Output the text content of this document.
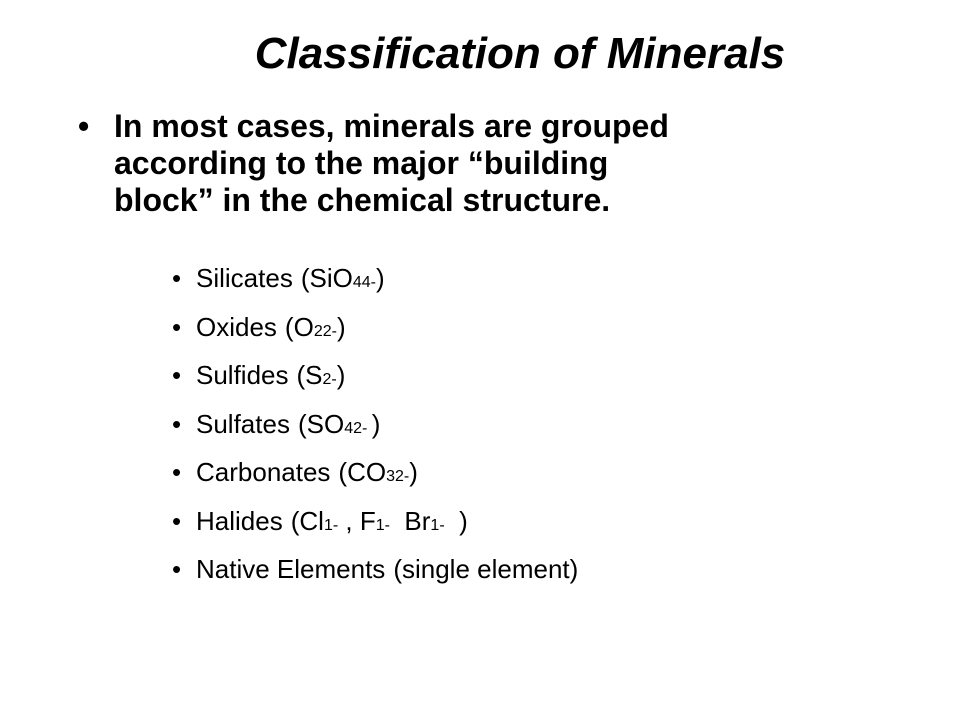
Classification of Minerals
• In most cases, minerals are grouped
according to the major “building
block” in the chemical structure.
• Silicates (SiO 4 4- )
• Oxides (O 2 2- )
• Sulfides (S 2- )
• Sulfates (SO 4 2- )
• Carbonates (CO 3 2- )
• Halides (Cl 1- , F 1- Br 1- )
• Native Elements (single element)
